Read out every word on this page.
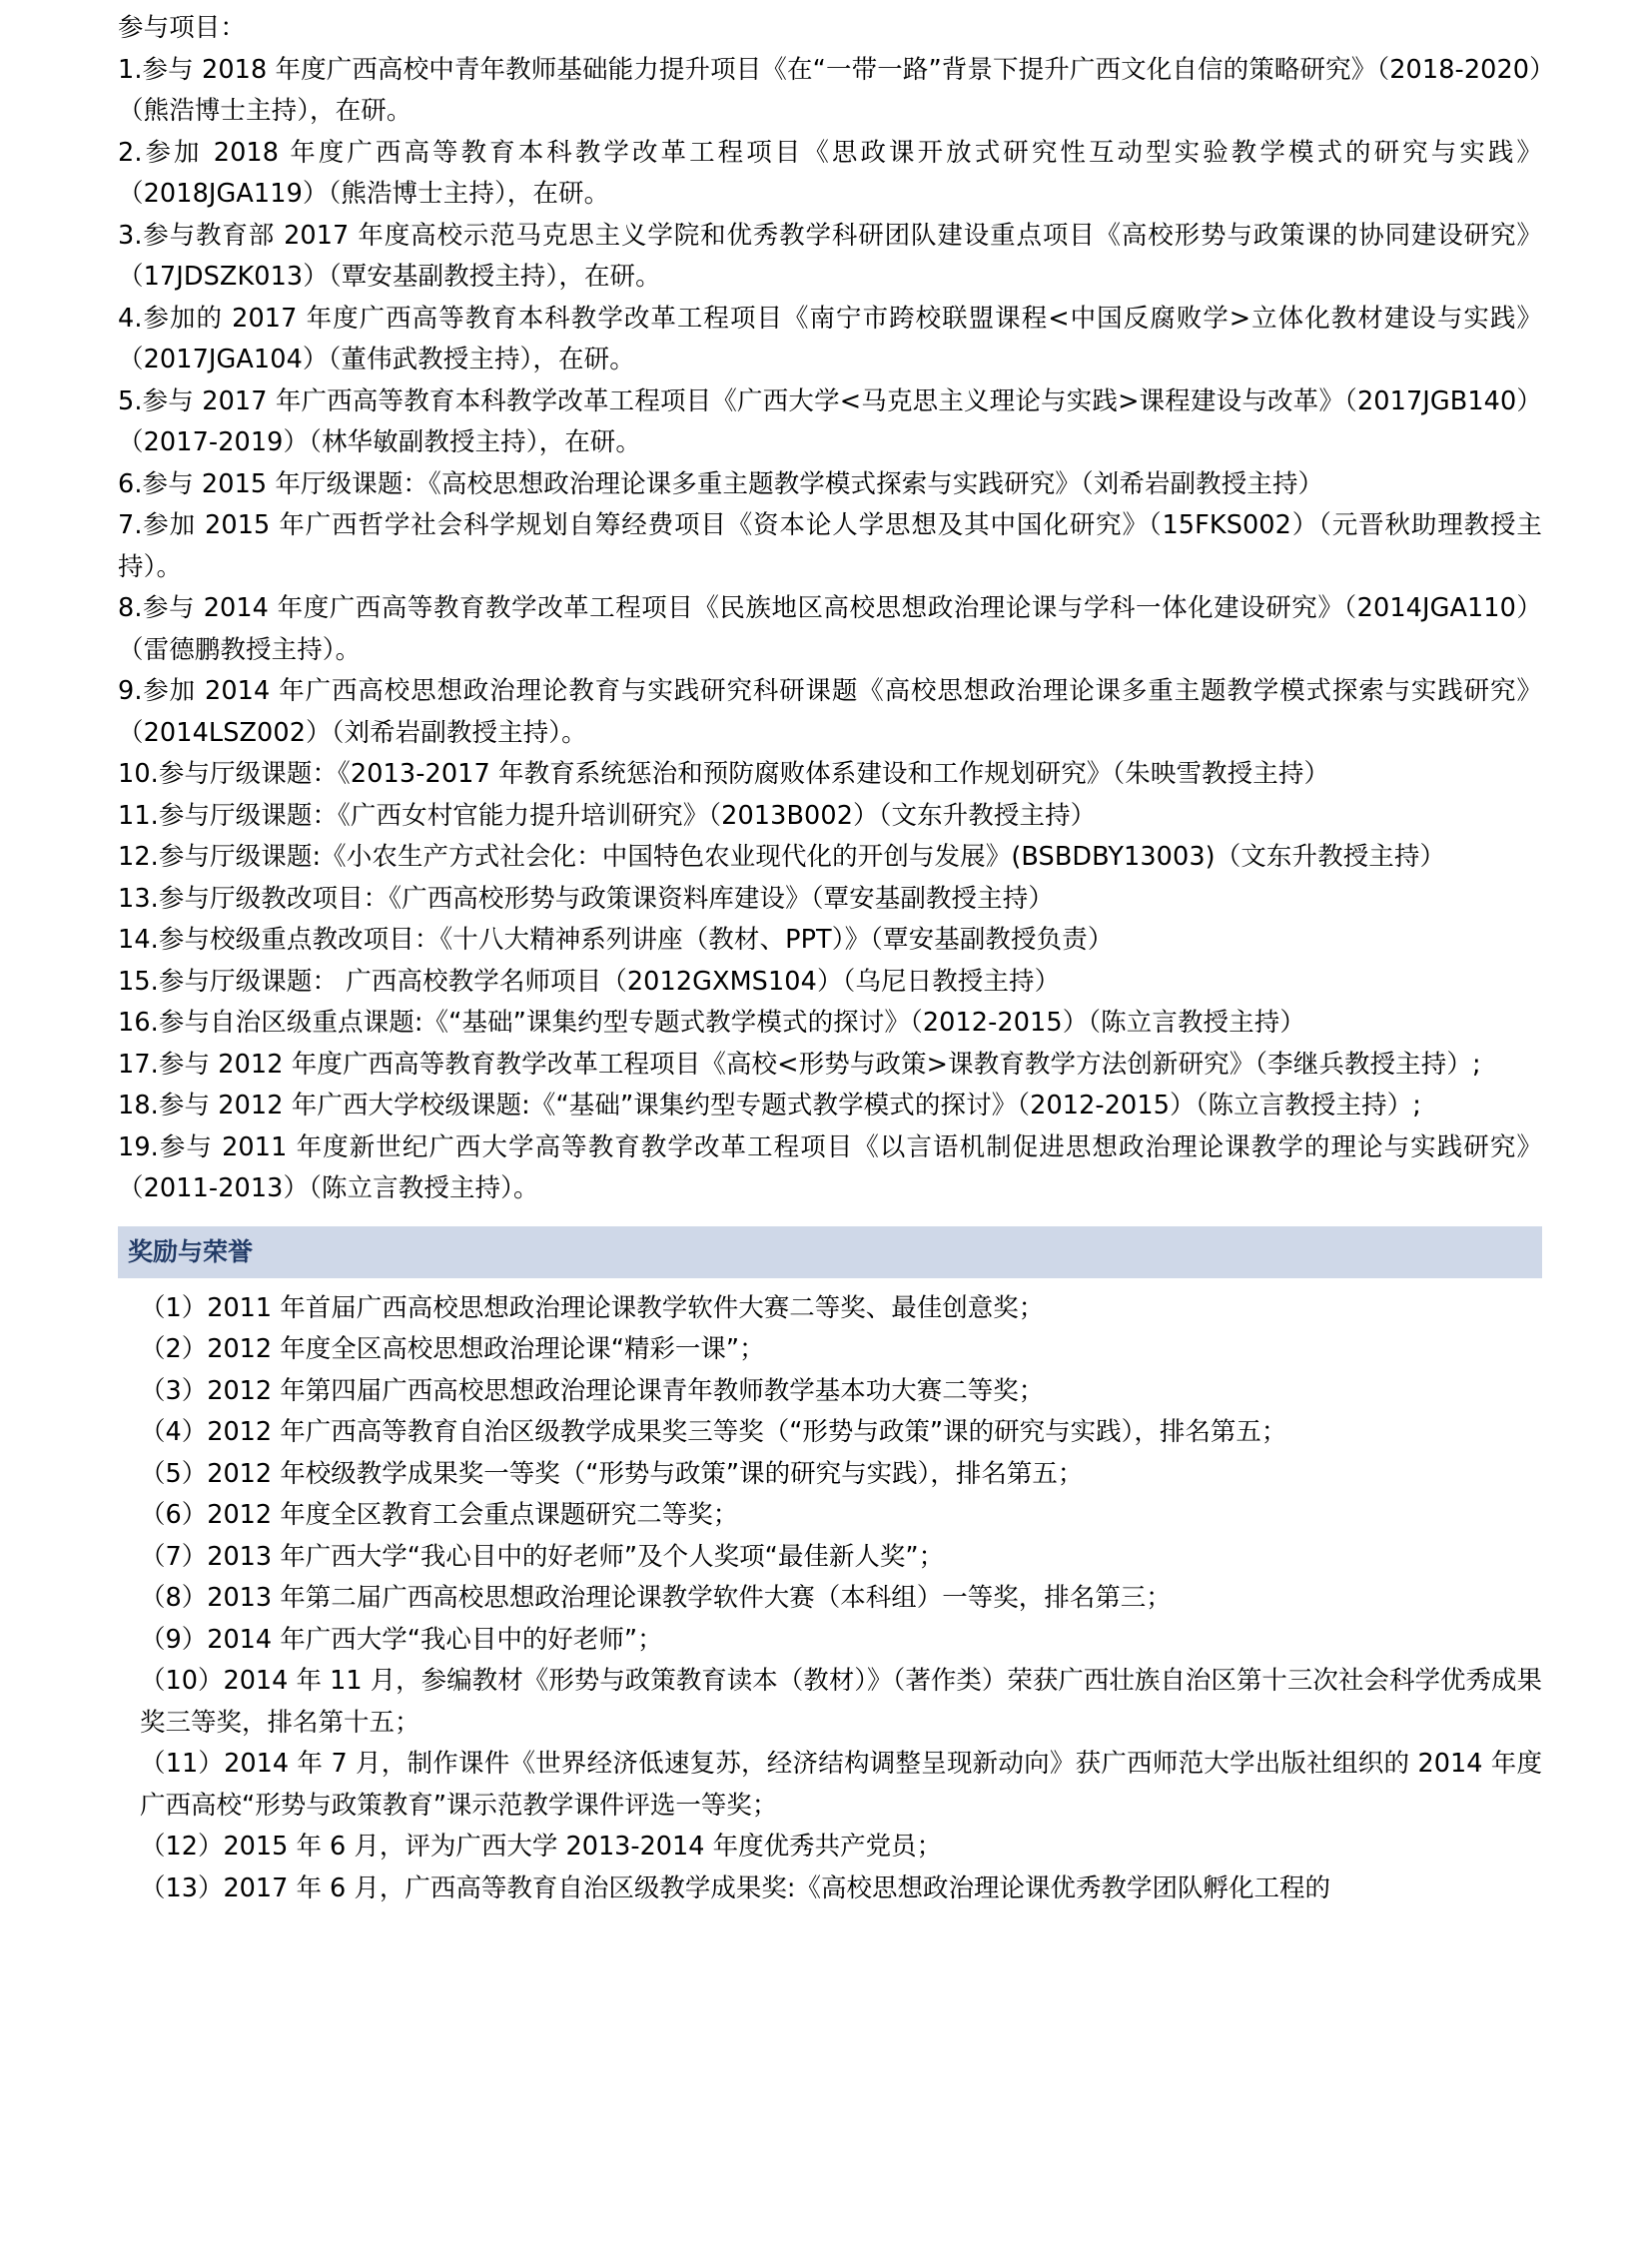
参与项目：

1.参与 2018 年度广西高校中青年教师基础能力提升项目《在“一带一路”背景下提升广西文化自信的策略研究》（2018-2020）（熊浩博士主持），在研。

2.参加 2018 年度广西高等教育本科教学改革工程项目《思政课开放式研究性互动型实验教学模式的研究与实践》（2018JGA119）（熊浩博士主持），在研。

3.参与教育部 2017 年度高校示范马克思主义学院和优秀教学科研团队建设重点项目《高校形势与政策课的协同建设研究》（17JDSZK013）（覃安基副教授主持），在研。

4.参加的 2017 年度广西高等教育本科教学改革工程项目《南宁市跨校联盟课程<中国反腐败学>立体化教材建设与实践》（2017JGA104）（董伟武教授主持），在研。

5.参与 2017 年广西高等教育本科教学改革工程项目《广西大学<马克思主义理论与实践>课程建设与改革》（2017JGB140）（2017-2019）（林华敏副教授主持），在研。

6.参与 2015 年厅级课题：《高校思想政治理论课多重主题教学模式探索与实践研究》（刘希岩副教授主持）

7.参加 2015 年广西哲学社会科学规划自筹经费项目《资本论人学思想及其中国化研究》（15FKS002）（元晋秋助理教授主持）。

8.参与 2014 年度广西高等教育教学改革工程项目《民族地区高校思想政治理论课与学科一体化建设研究》（2014JGA110）（雷德鹏教授主持）。

9.参加 2014 年广西高校思想政治理论教育与实践研究科研课题《高校思想政治理论课多重主题教学模式探索与实践研究》（2014LSZ002）（刘希岩副教授主持）。

10.参与厅级课题：《2013-2017 年教育系统惩治和预防腐败体系建设和工作规划研究》（朱映雪教授主持）

11.参与厅级课题：《广西女村官能力提升培训研究》（2013B002）（文东升教授主持）

12.参与厅级课题:《小农生产方式社会化：中国特色农业现代化的开创与发展》(BSBDBY13003)（文东升教授主持）

13.参与厅级教改项目：《广西高校形势与政策课资料库建设》（覃安基副教授主持）

14.参与校级重点教改项目：《十八大精神系列讲座（教材、PPT）》（覃安基副教授负责）

15.参与厅级课题： 广西高校教学名师项目（2012GXMS104）（乌尼日教授主持）

16.参与自治区级重点课题:《“基础”课集约型专题式教学模式的探讨》（2012-2015）（陈立言教授主持）

17.参与 2012 年度广西高等教育教学改革工程项目《高校<形势与政策>课教育教学方法创新研究》（李继兵教授主持）;

18.参与 2012 年广西大学校级课题:《“基础”课集约型专题式教学模式的探讨》（2012-2015）（陈立言教授主持）;

19.参与 2011 年度新世纪广西大学高等教育教学改革工程项目《以言语机制促进思想政治理论课教学的理论与实践研究》（2011-2013）（陈立言教授主持）。

奖励与荣誉

（1）2011 年首届广西高校思想政治理论课教学软件大赛二等奖、最佳创意奖；

（2）2012 年度全区高校思想政治理论课“精彩一课”；

（3）2012 年第四届广西高校思想政治理论课青年教师教学基本功大赛二等奖；

（4）2012 年广西高等教育自治区级教学成果奖三等奖（“形势与政策”课的研究与实践），排名第五；

（5）2012 年校级教学成果奖一等奖（“形势与政策”课的研究与实践），排名第五；

（6）2012 年度全区教育工会重点课题研究二等奖；

（7）2013 年广西大学“我心目中的好老师”及个人奖项“最佳新人奖”；

（8）2013 年第二届广西高校思想政治理论课教学软件大赛（本科组）一等奖，排名第三；

（9）2014 年广西大学“我心目中的好老师”；

（10）2014 年 11 月，参编教材《形势与政策教育读本（教材）》（著作类）荣获广西壮族自治区第十三次社会科学优秀成果奖三等奖，排名第十五；

（11）2014 年 7 月，制作课件《世界经济低速复苏，经济结构调整呈现新动向》获广西师范大学出版社组织的 2014 年度广西高校“形势与政策教育”课示范教学课件评选一等奖；

（12）2015 年 6 月，评为广西大学 2013-2014 年度优秀共产党员；

（13）2017 年 6 月，广西高等教育自治区级教学成果奖:《高校思想政治理论课优秀教学团队孵化工程的
